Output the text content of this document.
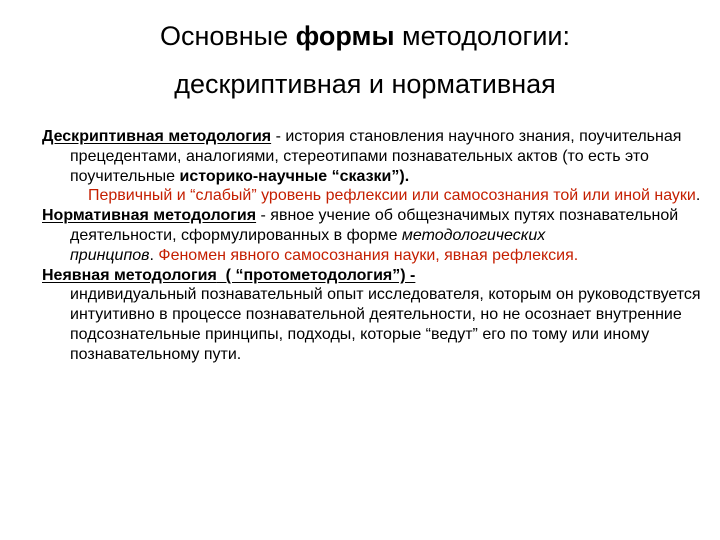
Основные формы методологии:
дескриптивная и нормативная

Дескриптивная методология - история становления научного знания, поучительная прецедентами, аналогиями, стереотипами познавательных актов (то есть это поучительные историко-научные “сказки”).

Первичный и “слабый” уровень рефлексии или самосознания той или иной науки.

Нормативная методология - явное учение об общезначимых путях познавательной деятельности, сформулированных в форме методологических принципов. Феномен явного самосознания науки, явная рефлексия.

Неявная методология  ( “протометодология”) -
индивидуальный познавательный опыт исследователя, которым он руководствуется интуитивно в процессе познавательной деятельности, но не осознает внутренние подсознательные принципы, подходы, которые “ведут” его по тому или иному познавательному пути.
